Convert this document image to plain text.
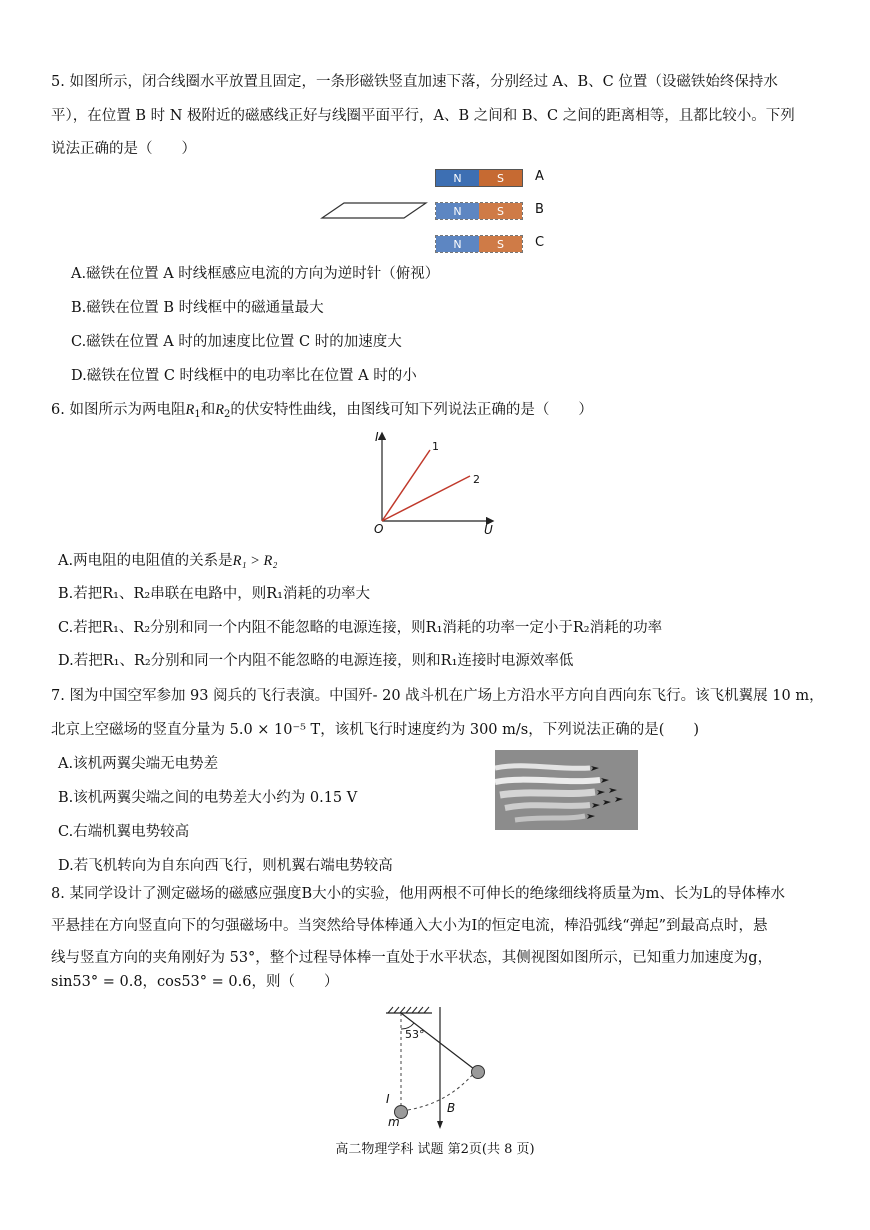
5. 如图所示，闭合线圈水平放置且固定，一条形磁铁竖直加速下落，分别经过 A、B、C 位置（设磁铁始终保持水
平），在位置 B 时 N 极附近的磁感线正好与线圈平面平行，A、B 之间和 B、C 之间的距离相等，且都比较小。下列
说法正确的是（　　）
N	S	A
N	S	B
N	S	C
A.磁铁在位置 A 时线框感应电流的方向为逆时针（俯视）
B.磁铁在位置 B 时线框中的磁通量最大
C.磁铁在位置 A 时的加速度比位置 C 时的加速度大
D.磁铁在位置 C 时线框中的电功率比在位置 A 时的小
6. 如图所示为两电阻$R_1$和$R_2$的伏安特性曲线，由图线可知下列说法正确的是（　　）
I
U
O
1
2
A.两电阻的电阻值的关系是R₁ > R₂
B.若把R₁、R₂串联在电路中，则R₁消耗的功率大
C.若把R₁、R₂分别和同一个内阻不能忽略的电源连接，则R₁消耗的功率一定小于R₂消耗的功率
D.若把R₁、R₂分别和同一个内阻不能忽略的电源连接，则和R₁连接时电源效率低
7. 图为中国空军参加 93 阅兵的飞行表演。中国歼- 20 战斗机在广场上方沿水平方向自西向东飞行。该飞机翼展 10 m，
北京上空磁场的竖直分量为 5.0 × 10⁻⁵ T，该机飞行时速度约为 300 m/s，下列说法正确的是(　　)
A.该机两翼尖端无电势差
B.该机两翼尖端之间的电势差大小约为 0.15 V
C.右端机翼电势较高
D.若飞机转向为自东向西飞行，则机翼右端电势较高
8. 某同学设计了测定磁场的磁感应强度B大小的实验，他用两根不可伸长的绝缘细线将质量为m、长为L的导体棒水
平悬挂在方向竖直向下的匀强磁场中。当突然给导体棒通入大小为I的恒定电流，棒沿弧线“弹起”到最高点时，悬
线与竖直方向的夹角刚好为 53°，整个过程导体棒一直处于水平状态，其侧视图如图所示，已知重力加速度为g，
sin53° = 0.8，cos53° = 0.6，则（　　）
53°
I
m
B
高二物理学科 试题 第2页(共 8 页)
